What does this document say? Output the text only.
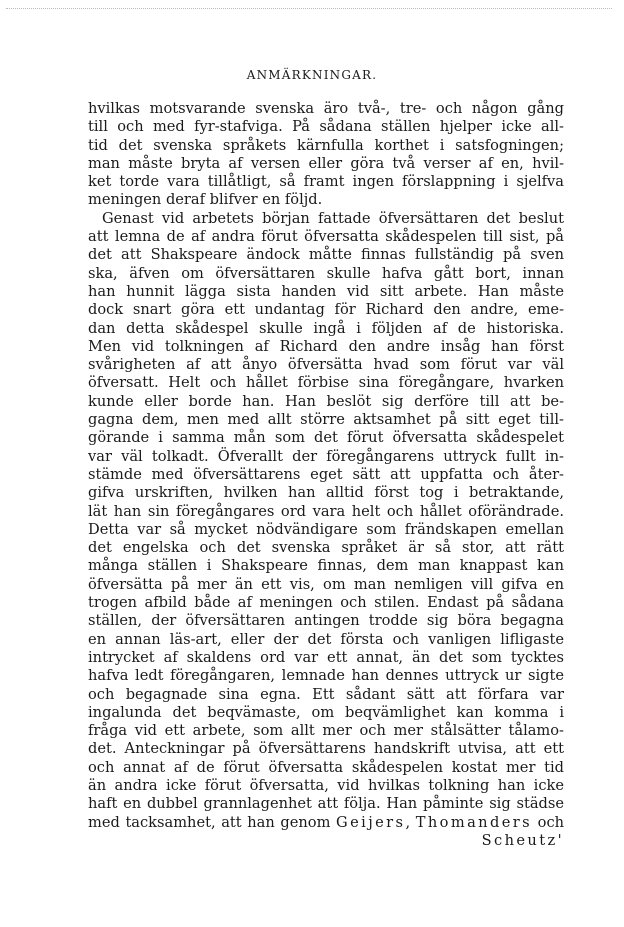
ANMÄRKNINGAR.
hvilkas motsvarande svenska äro två-, tre- och någon gång
till och med fyr-stafviga. På sådana ställen hjelper icke all-
tid det svenska språkets kärnfulla korthet i satsfogningen;
man måste bryta af versen eller göra två verser af en, hvil-
ket torde vara tillåtligt, så framt ingen förslappning i sjelfva
meningen deraf blifver en följd.
Genast vid arbetets början fattade öfversättaren det beslut
att lemna de af andra förut öfversatta skådespelen till sist, på
det att Shakspeare ändock måtte finnas fullständig på sven
ska, äfven om öfversättaren skulle hafva gått bort, innan
han hunnit lägga sista handen vid sitt arbete. Han måste
dock snart göra ett undantag för Richard den andre, eme-
dan detta skådespel skulle ingå i följden af de historiska.
Men vid tolkningen af Richard den andre insåg han först
svårigheten af att ånyo öfversätta hvad som förut var väl
öfversatt. Helt och hållet förbise sina föregångare, hvarken
kunde eller borde han. Han beslöt sig derföre till att be-
gagna dem, men med allt större aktsamhet på sitt eget till-
görande i samma mån som det förut öfversatta skådespelet
var väl tolkadt. Öfverallt der föregångarens uttryck fullt in-
stämde med öfversättarens eget sätt att uppfatta och åter-
gifva urskriften, hvilken han alltid först tog i betraktande,
lät han sin föregångares ord vara helt och hållet oförändrade.
Detta var så mycket nödvändigare som frändskapen emellan
det engelska och det svenska språket är så stor, att rätt
många ställen i Shakspeare finnas, dem man knappast kan
öfversätta på mer än ett vis, om man nemligen vill gifva en
trogen afbild både af meningen och stilen. Endast på sådana
ställen, der öfversättaren antingen trodde sig böra begagna
en annan läs-art, eller der det första och vanligen lifligaste
intrycket af skaldens ord var ett annat, än det som tycktes
hafva ledt föregångaren, lemnade han dennes uttryck ur sigte
och begagnade sina egna. Ett sådant sätt att förfara var
ingalunda det beqvämaste, om beqvämlighet kan komma i
fråga vid ett arbete, som allt mer och mer stålsätter tålamo-
det. Anteckningar på öfversättarens handskrift utvisa, att ett
och annat af de förut öfversatta skådespelen kostat mer tid
än andra icke förut öfversatta, vid hvilkas tolkning han icke
haft en dubbel grannlagenhet att följa. Han påminte sig städse
med tacksamhet, att han genom Geijers, Thomanders och
Scheutz'
